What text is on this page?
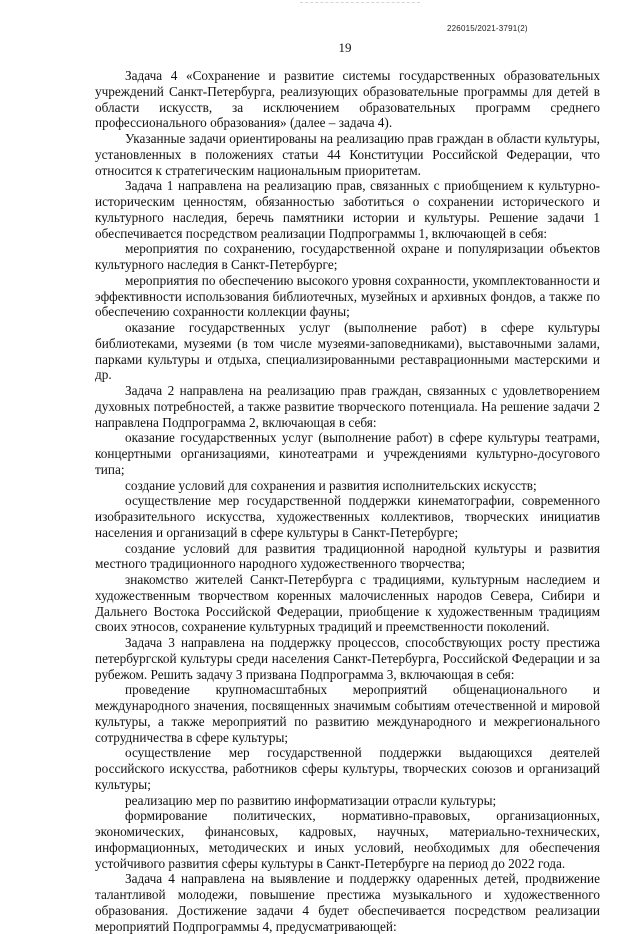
226015/2021-3791(2)
19

Задача 4 «Сохранение и развитие системы государственных образовательных учреждений Санкт-Петербурга, реализующих образовательные программы для детей в области искусств, за исключением образовательных программ среднего профессионального образования» (далее – задача 4).

Указанные задачи ориентированы на реализацию прав граждан в области культуры, установленных в положениях статьи 44 Конституции Российской Федерации, что относится к стратегическим национальным приоритетам.

Задача 1 направлена на реализацию прав, связанных с приобщением к культурно-историческим ценностям, обязанностью заботиться о сохранении исторического и культурного наследия, беречь памятники истории и культуры. Решение задачи 1 обеспечивается посредством реализации Подпрограммы 1, включающей в себя:

мероприятия по сохранению, государственной охране и популяризации объектов культурного наследия в Санкт-Петербурге;

мероприятия по обеспечению высокого уровня сохранности, укомплектованности и эффективности использования библиотечных, музейных и архивных фондов, а также по обеспечению сохранности коллекции фауны;

оказание государственных услуг (выполнение работ) в сфере культуры библиотеками, музеями (в том числе музеями-заповедниками), выставочными залами, парками культуры и отдыха, специализированными реставрационными мастерскими и др.

Задача 2 направлена на реализацию прав граждан, связанных с удовлетворением духовных потребностей, а также развитие творческого потенциала. На решение задачи 2 направлена Подпрограмма 2, включающая в себя:

оказание государственных услуг (выполнение работ) в сфере культуры театрами, концертными организациями, кинотеатрами и учреждениями культурно-досугового типа;

создание условий для сохранения и развития исполнительских искусств;

осуществление мер государственной поддержки кинематографии, современного изобразительного искусства, художественных коллективов, творческих инициатив населения и организаций в сфере культуры в Санкт-Петербурге;

создание условий для развития традиционной народной культуры и развития местного традиционного народного художественного творчества;

знакомство жителей Санкт-Петербурга с традициями, культурным наследием и художественным творчеством коренных малочисленных народов Севера, Сибири и Дальнего Востока Российской Федерации, приобщение к художественным традициям своих этносов, сохранение культурных традиций и преемственности поколений.

Задача 3 направлена на поддержку процессов, способствующих росту престижа петербургской культуры среди населения Санкт-Петербурга, Российской Федерации и за рубежом. Решить задачу 3 призвана Подпрограмма 3, включающая в себя:

проведение крупномасштабных мероприятий общенационального и международного значения, посвященных значимым событиям отечественной и мировой культуры, а также мероприятий по развитию международного и межрегионального сотрудничества в сфере культуры;

осуществление мер государственной поддержки выдающихся деятелей российского искусства, работников сферы культуры, творческих союзов и организаций культуры;

реализацию мер по развитию информатизации отрасли культуры;

формирование политических, нормативно-правовых, организационных, экономических, финансовых, кадровых, научных, материально-технических, информационных, методических и иных условий, необходимых для обеспечения устойчивого развития сферы культуры в Санкт-Петербурге на период до 2022 года.

Задача 4 направлена на выявление и поддержку одаренных детей, продвижение талантливой молодежи, повышение престижа музыкального и художественного образования. Достижение задачи 4 будет обеспечивается посредством реализации мероприятий Подпрограммы 4, предусматривающей:
